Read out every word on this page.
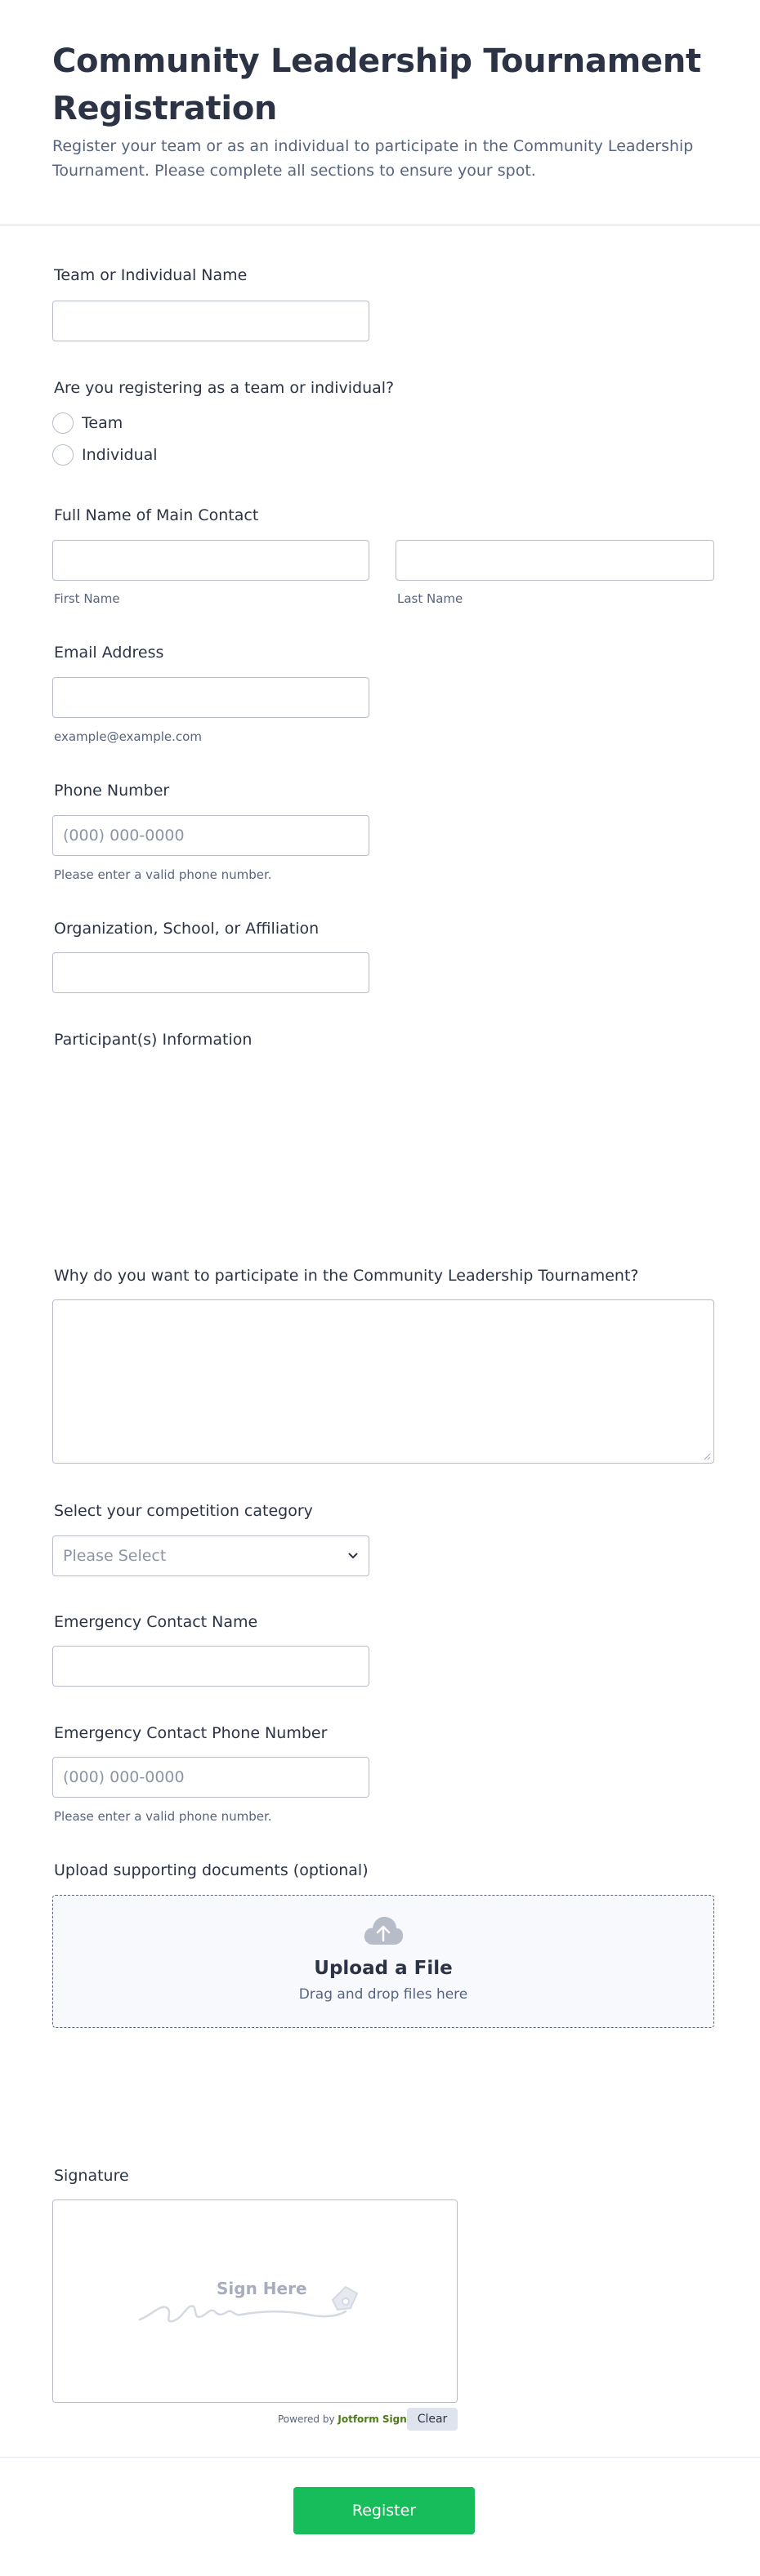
Community Leadership Tournament Registration

Register your team or as an individual to participate in the Community Leadership Tournament. Please complete all sections to ensure your spot.

Team or Individual Name
Are you registering as a team or individual?
Team
Individual
Full Name of Main Contact
First Name	Last Name
Email Address
example@example.com
Phone Number
(000) 000-0000
Please enter a valid phone number.
Organization, School, or Affiliation
Participant(s) Information
Why do you want to participate in the Community Leadership Tournament?
Select your competition category
Please Select
Emergency Contact Name
Emergency Contact Phone Number
(000) 000-0000
Please enter a valid phone number.
Upload supporting documents (optional)
Upload a File
Drag and drop files here
Signature
Sign Here
Powered by Jotform Sign Clear
Register
